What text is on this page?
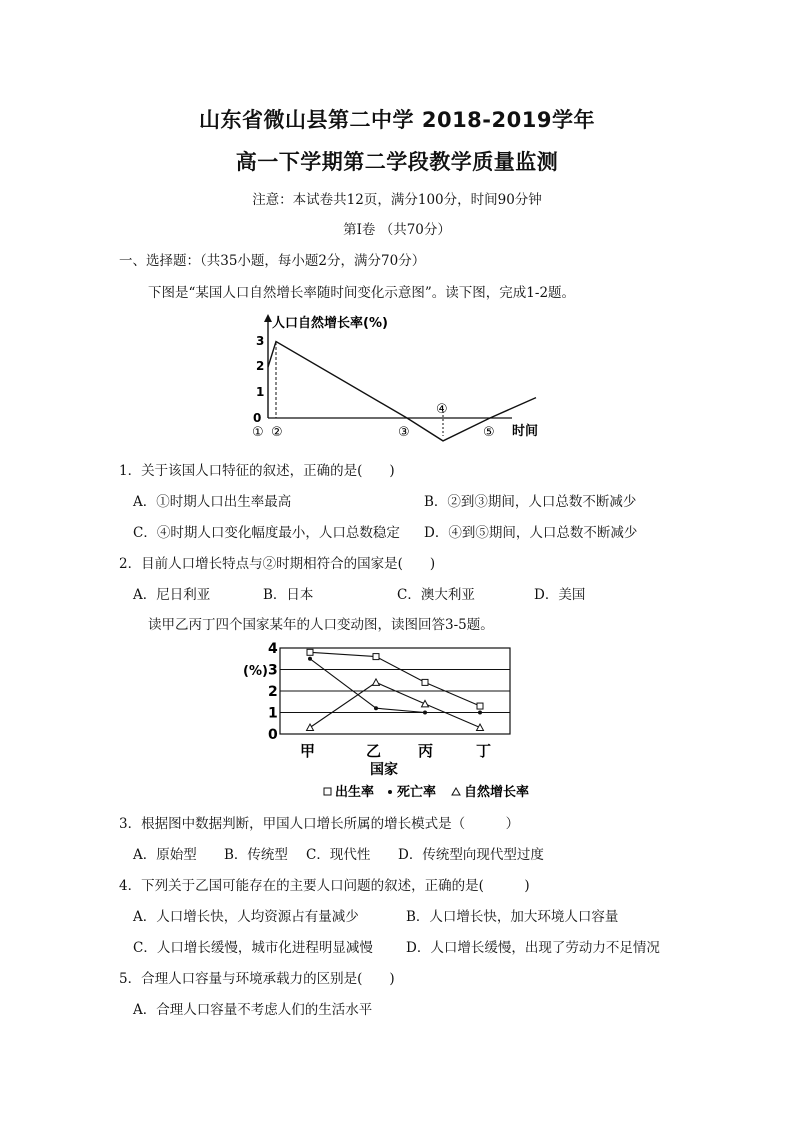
山东省微山县第二中学 2018-2019学年
高一下学期第二学段教学质量监测
注意：本试卷共12页，满分100分，时间90分钟
第Ⅰ卷 （共70分）
一、选择题：（共35小题，每小题2分，满分70分）
下图是“某国人口自然增长率随时间变化示意图”。读下图，完成1-2题。
人口自然增长率(%)
时间
0
1
2
3
① ②	③
④
⑤
1．关于该国人口特征的叙述，正确的是(　　)
A．①时期人口出生率最高	B．②到③期间，人口总数不断减少
C．④时期人口变化幅度最小，人口总数稳定 D．④到⑤期间，人口总数不断减少
2．目前人口增长特点与②时期相符合的国家是(　　)
A．尼日利亚	B．日本	C．澳大利亚	D．美国
读甲乙丙丁四个国家某年的人口变动图，读图回答3-5题。
(%)
0
1
2
3
4
甲	乙 丙	丁
国家
出生率 死亡率 自然增长率
3．根据图中数据判断，甲国人口增长所属的增长模式是（　　　）
A．原始型 B．传统型 C．现代性 D．传统型向现代型过度
4．下列关于乙国可能存在的主要人口问题的叙述，正确的是(　　　)
A．人口增长快，人均资源占有量减少	B．人口增长快，加大环境人口容量
C．人口增长缓慢，城市化进程明显减慢 D．人口增长缓慢，出现了劳动力不足情况
5．合理人口容量与环境承载力的区别是(　　)
A．合理人口容量不考虑人们的生活水平
